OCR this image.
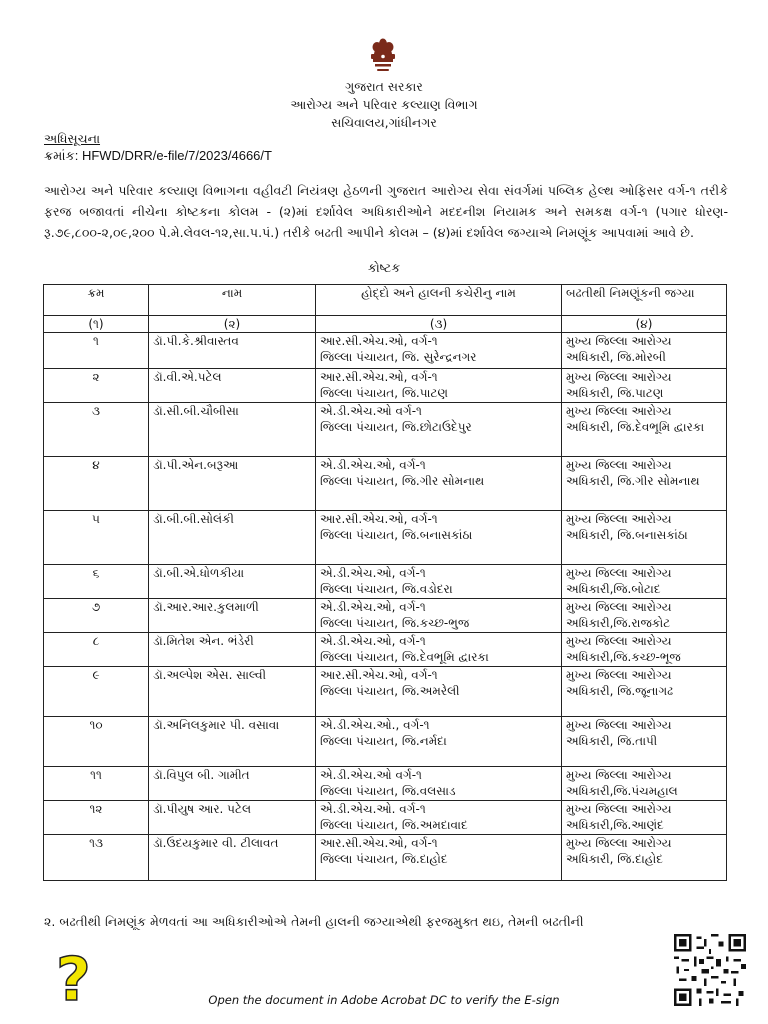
ગુજરાત સરકાર
આરોગ્ય અને પરિવાર કલ્યાણ વિભાગ
સચિવાલય,ગાંધીનગર
અધિસૂચના
ક્રમાંક: HFWD/DRR/e-file/7/2023/4666/T

આરોગ્ય અને પરિવાર કલ્યાણ વિભાગના વહીવટી નિયંત્રણ હેઠળની ગુજરાત આરોગ્ય સેવા સંવર્ગમાં પબ્લિક હેલ્થ ઓફિસર વર્ગ-૧ તરીકે ફરજ બજાવતાં નીચેના કોષ્ટકના કોલમ - (૨)માં દર્શાવેલ અધિકારીઓને મદદનીશ નિયામક અને સમકક્ષ વર્ગ-૧ (પગાર ધોરણ- રૂ.૭૯,૮૦૦-૨,૦૯,૨૦૦ પે.મે.લેવલ-૧૨,સા.પ.પં.) તરીકે બઢતી આપીને કોલમ – (૪)માં દર્શાવેલ જગ્યાએ નિમણૂંક આપવામાં આવે છે.

કોષ્ટક
ક્રમ	નામ	હોદ્દો અને હાલની કચેરીનુ નામ	બઢતીથી નિમણૂંકની જગ્યા
(૧)	(૨)	(૩)	(૪)

૧	ડૉ.પી.કે.શ્રીવાસ્તવ	આર.સી.એચ.ઓ, વર્ગ-૧
જિલ્લા પંચાયત, જિ. સુરેન્દ્રનગર	મુખ્ય જિલ્લા આરોગ્ય
અધિકારી, જિ.મોરબી

૨	ડૉ.વી.એ.પટેલ	આર.સી.એચ.ઓ, વર્ગ-૧
જિલ્લા પંચાયત, જિ.પાટણ	મુખ્ય જિલ્લા આરોગ્ય
અધિકારી, જિ.પાટણ

૩	ડૉ.સી.બી.ચૌબીસા	એ.ડી.એચ.ઓ વર્ગ-૧
જિલ્લા પંચાયત, જિ.છોટાઉદેપુર	મુખ્ય જિલ્લા આરોગ્ય
અધિકારી, જિ.દેવભૂમિ દ્વારકા

૪	ડૉ.પી.એન.બરૂઆ	એ.ડી.એચ.ઓ, વર્ગ-૧
જિલ્લા પંચાયત, જિ.ગીર સોમનાથ	મુખ્ય જિલ્લા આરોગ્ય
અધિકારી, જિ.ગીર સોમનાથ

૫	ડૉ.બી.બી.સોલંકી	આર.સી.એચ.ઓ, વર્ગ-૧
જિલ્લા પંચાયત, જિ.બનાસકાંઠા	મુખ્ય જિલ્લા આરોગ્ય
અધિકારી, જિ.બનાસકાંઠા

૬	ડૉ.બી.એ.ધોળકીયા	એ.ડી.એચ.ઓ, વર્ગ-૧
જિલ્લા પંચાયત, જિ.વડોદરા	મુખ્ય જિલ્લા આરોગ્ય
અધિકારી,જિ.બોટાદ

૭	ડૉ.આર.આર.કુલમાળી	એ.ડી.એચ.ઓ, વર્ગ-૧
જિલ્લા પંચાયત, જિ.કચ્છ-ભુજ	મુખ્ય જિલ્લા આરોગ્ય
અધિકારી,જિ.રાજકોટ

૮	ડૉ.મિતેશ એન. ભંડેરી	એ.ડી.એચ.ઓ, વર્ગ-૧
જિલ્લા પંચાયત, જિ.દેવભૂમિ દ્વારકા	મુખ્ય જિલ્લા આરોગ્ય
અધિકારી,જિ.કચ્છ-ભૂજ

૯	ડૉ.અલ્પેશ એસ. સાલ્વી	આર.સી.એચ.ઓ, વર્ગ-૧
જિલ્લા પંચાયત, જિ.અમરેલી	મુખ્ય જિલ્લા આરોગ્ય
અધિકારી, જિ.જૂનાગઢ

૧૦	ડૉ.અનિલકુમાર પી. વસાવા	એ.ડી.એચ.ઓ., વર્ગ-૧
જિલ્લા પંચાયત, જિ.નર્મદા	મુખ્ય જિલ્લા આરોગ્ય
અધિકારી, જિ.તાપી

૧૧	ડૉ.વિપુલ બી. ગામીત	એ.ડી.એચ.ઓ વર્ગ-૧
જિલ્લા પંચાયત, જિ.વલસાડ	મુખ્ય જિલ્લા આરોગ્ય
અધિકારી,જિ.પંચમહાલ

૧૨	ડૉ.પીયુષ આર. પટેલ	એ.ડી.એચ.ઓ. વર્ગ-૧
જિલ્લા પંચાયત, જિ.અમદાવાદ	મુખ્ય જિલ્લા આરોગ્ય
અધિકારી,જિ.આણંદ

૧૩	ડૉ.ઉદયકુમાર વી. ટીલાવત	આર.સી.એચ.ઓ, વર્ગ-૧
જિલ્લા પંચાયત, જિ.દાહોદ	મુખ્ય જિલ્લા આરોગ્ય
અધિકારી, જિ.દાહોદ

૨. બઢતીથી નિમણૂંક મેળવતાં આ અધિકારીઓએ તેમની હાલની જગ્યાએથી ફરજમુક્ત થઇ, તેમની બઢતીની

?	Open the document in Adobe Acrobat DC to verify the E-sign
